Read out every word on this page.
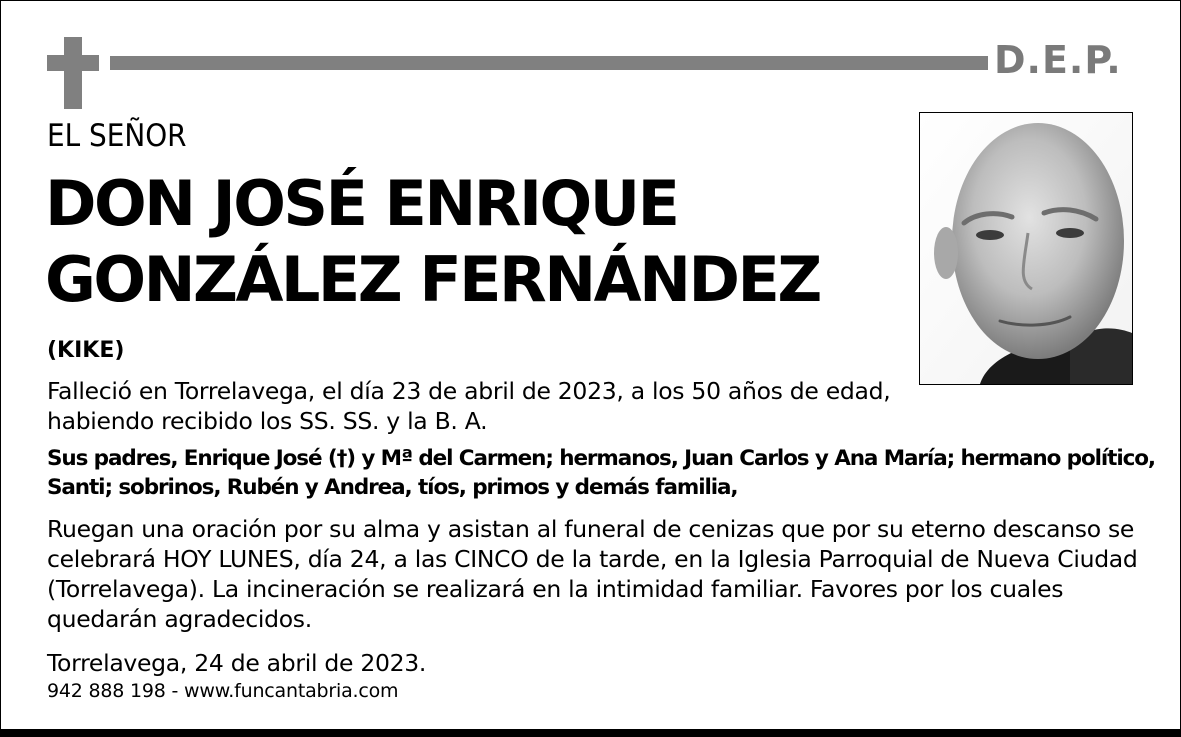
D.E.P.
EL SEÑOR
DON JOSÉ ENRIQUE
GONZÁLEZ FERNÁNDEZ
(KIKE)
Falleció en Torrelavega, el día 23 de abril de 2023, a los 50 años de edad,
habiendo recibido los SS. SS. y la B. A.
Sus padres, Enrique José (†) y Mª del Carmen; hermanos, Juan Carlos y Ana María; hermano político,
Santi; sobrinos, Rubén y Andrea, tíos, primos y demás familia,
Ruegan una oración por su alma y asistan al funeral de cenizas que por su eterno descanso se
celebrará HOY LUNES, día 24, a las CINCO de la tarde, en la Iglesia Parroquial de Nueva Ciudad
(Torrelavega). La incineración se realizará en la intimidad familiar. Favores por los cuales
quedarán agradecidos.
Torrelavega, 24 de abril de 2023.
942 888 198 - www.funcantabria.com
